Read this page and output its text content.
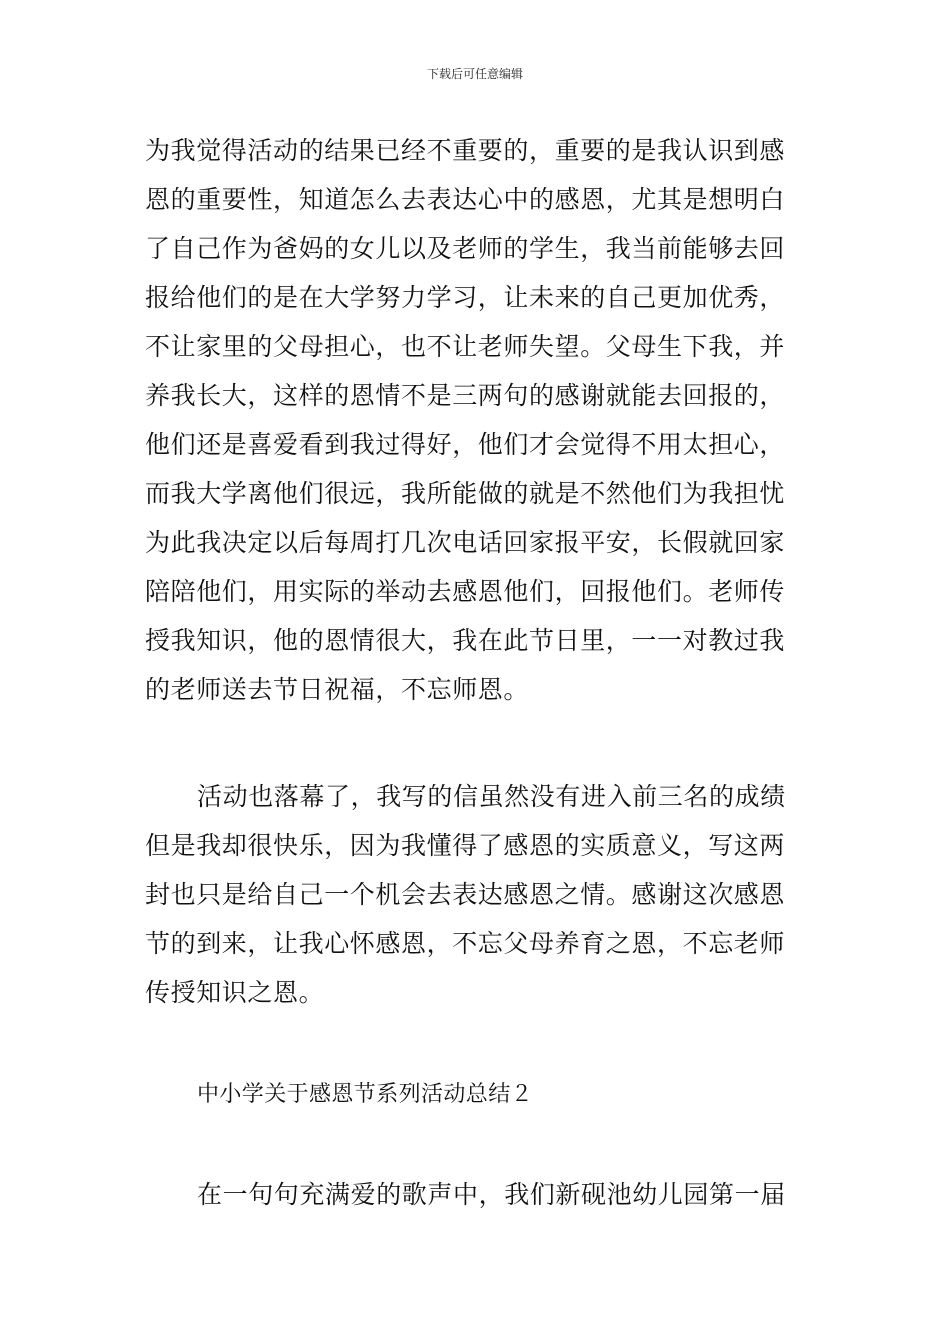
下载后可任意编辑
为我觉得活动的结果已经不重要的，重要的是我认识到感
恩的重要性，知道怎么去表达心中的感恩，尤其是想明白
了自己作为爸妈的女儿以及老师的学生，我当前能够去回
报给他们的是在大学努力学习，让未来的自己更加优秀，
不让家里的父母担心，也不让老师失望。父母生下我，并
养我长大，这样的恩情不是三两句的感谢就能去回报的，
他们还是喜爱看到我过得好，他们才会觉得不用太担心，
而我大学离他们很远，我所能做的就是不然他们为我担忧
为此我决定以后每周打几次电话回家报平安，长假就回家
陪陪他们，用实际的举动去感恩他们，回报他们。老师传
授我知识，他的恩情很大，我在此节日里，一一对教过我
的老师送去节日祝福，不忘师恩。
活动也落幕了，我写的信虽然没有进入前三名的成绩
但是我却很快乐，因为我懂得了感恩的实质意义，写这两
封也只是给自己一个机会去表达感恩之情。感谢这次感恩
节的到来，让我心怀感恩，不忘父母养育之恩，不忘老师
传授知识之恩。
中小学关于感恩节系列活动总结２
在一句句充满爱的歌声中，我们新砚池幼儿园第一届
